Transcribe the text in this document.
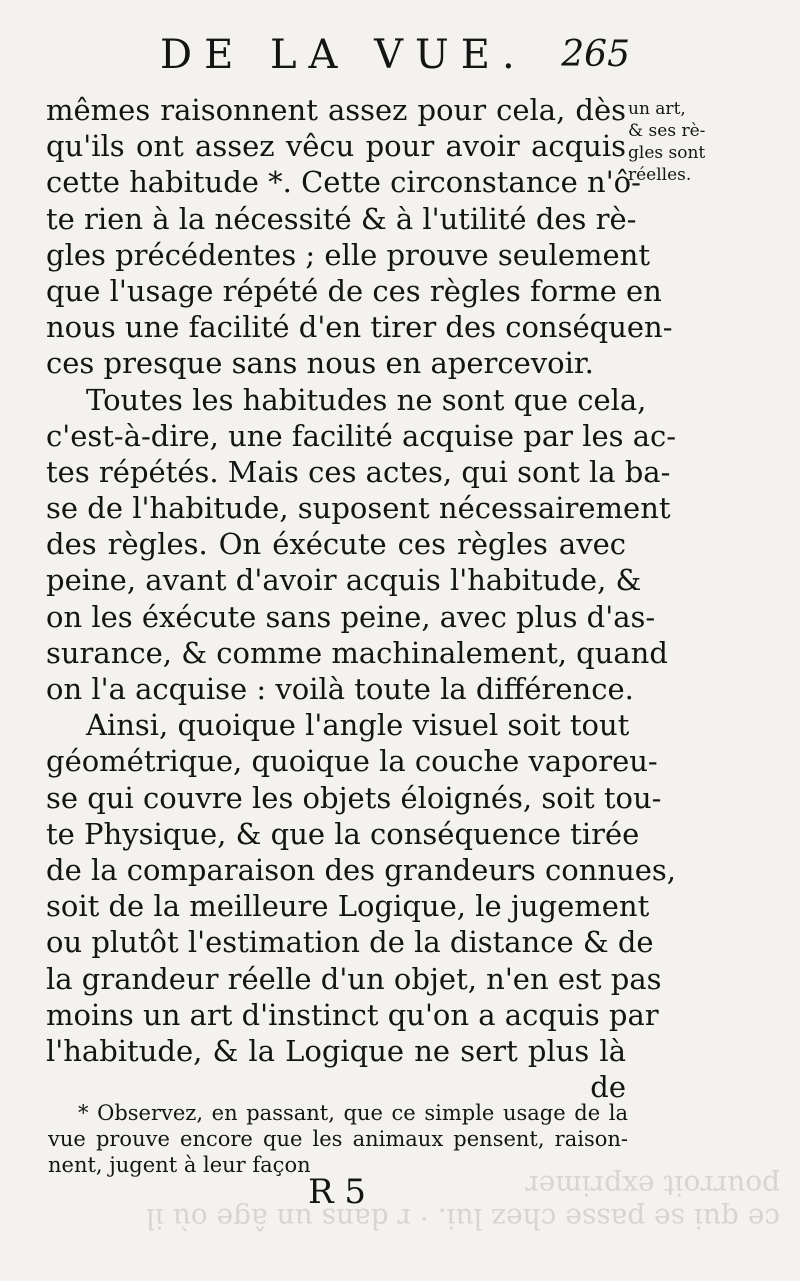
ce qui se passe chez lui. · r dans un âge où il pourroit exprimer
DE LA VUE. 265
mêmes raisonnent assez pour cela, dès
qu'ils ont assez vêcu pour avoir acquis
cette habitude *. Cette circonstance n'ô-
te rien à la nécessité & à l'utilité des rè-
gles précédentes ; elle prouve seulement
que l'usage répété de ces règles forme en
nous une facilité d'en tirer des conséquen-
ces presque sans nous en apercevoir.
Toutes les habitudes ne sont que cela,
c'est-à-dire, une facilité acquise par les ac-
tes répétés. Mais ces actes, qui sont la ba-
se de l'habitude, suposent nécessairement
des règles. On éxécute ces règles avec
peine, avant d'avoir acquis l'habitude, &
on les éxécute sans peine, avec plus d'as-
surance, & comme machinalement, quand
on l'a acquise : voilà toute la différence.
Ainsi, quoique l'angle visuel soit tout
géométrique, quoique la couche vaporeu-
se qui couvre les objets éloignés, soit tou-
te Physique, & que la conséquence tirée
de la comparaison des grandeurs connues,
soit de la meilleure Logique, le jugement
ou plutôt l'estimation de la distance & de
la grandeur réelle d'un objet, n'en est pas
moins un art d'instinct qu'on a acquis par
l'habitude, & la Logique ne sert plus là
de
un art,
& ses rè-
gles sont
réelles.
* Observez, en passant, que ce simple usage de la
vue prouve encore que les animaux pensent, raison-
nent, jugent à leur façon
R 5
